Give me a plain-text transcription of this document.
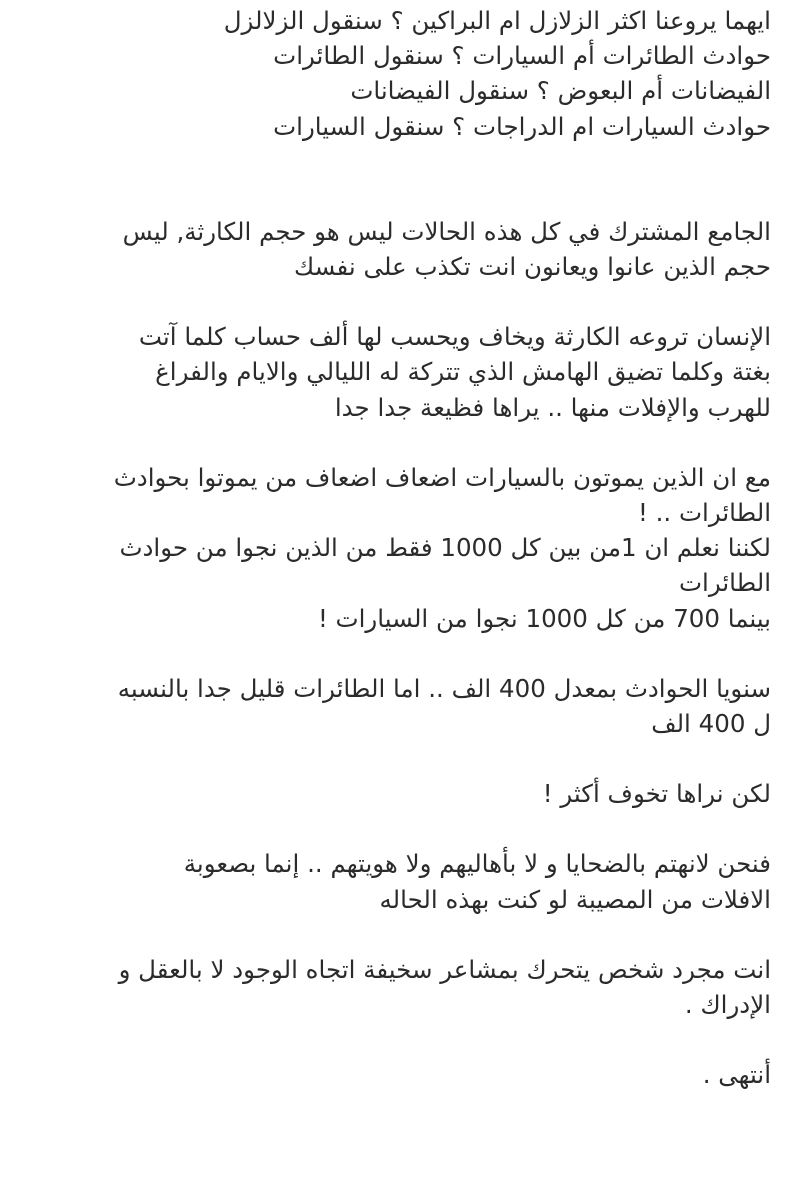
ايهما يروعنا اكثر الزلازل ام البراكين ؟ سنقول الزلالزل
حوادث الطائرات أم السيارات ؟ سنقول الطائرات
الفيضانات أم البعوض ؟ سنقول الفيضانات
حوادث السيارات ام الدراجات ؟ سنقول السيارات
الجامع المشترك في كل هذه الحالات ليس هو حجم الكارثة, ليس
حجم الذين عانوا ويعانون انت تكذب على نفسك
الإنسان تروعه الكارثة ويخاف ويحسب لها ألف حساب كلما آتت
بغتة وكلما تضيق الهامش الذي تتركة له الليالي والايام والفراغ
للهرب والإفلات منها .. يراها فظيعة جدا جدا
مع ان الذين يموتون بالسيارات اضعاف اضعاف من يموتوا بحوادث
الطائرات .. !
لكننا نعلم ان 1من بين كل 1000 فقط من الذين نجوا من حوادث
الطائرات
بينما 700 من كل 1000 نجوا من السيارات !
سنويا الحوادث بمعدل 400 الف .. اما الطائرات قليل جدا بالنسبه
ل 400 الف
لكن نراها تخوف أكثر !
فنحن لانهتم بالضحايا و لا بأهاليهم ولا هويتهم .. إنما بصعوبة
الافلات من المصيبة لو كنت بهذه الحاله
انت مجرد شخص يتحرك بمشاعر سخيفة اتجاه الوجود لا بالعقل و
الإدراك .
أنتهى .
